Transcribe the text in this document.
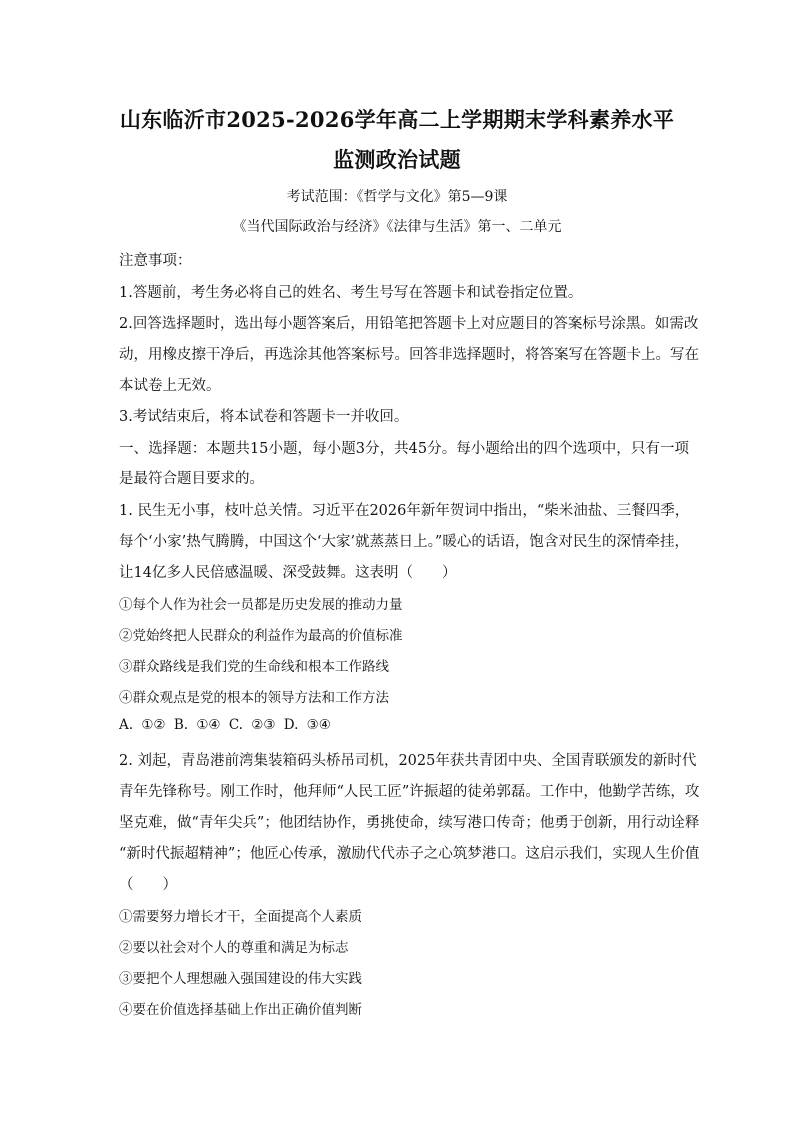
山东临沂市2025-2026学年高二上学期期末学科素养水平
监测政治试题
考试范围：《哲学与文化》第5—9课
《当代国际政治与经济》《法律与生活》第一、二单元
注意事项：
1.答题前，考生务必将自己的姓名、考生号写在答题卡和试卷指定位置。
2.回答选择题时，选出每小题答案后，用铅笔把答题卡上对应题目的答案标号涂黑。如需改
动，用橡皮擦干净后，再选涂其他答案标号。回答非选择题时，将答案写在答题卡上。写在
本试卷上无效。
3.考试结束后，将本试卷和答题卡一并收回。
一、选择题：本题共15小题，每小题3分，共45分。每小题给出的四个选项中，只有一项
是最符合题目要求的。
1. 民生无小事，枝叶总关情。习近平在2026年新年贺词中指出，“柴米油盐、三餐四季，
每个‘小家’热气腾腾，中国这个‘大家’就蒸蒸日上。”暖心的话语，饱含对民生的深情牵挂，
让14亿多人民倍感温暖、深受鼓舞。这表明（　　）
①每个人作为社会一员都是历史发展的推动力量
②党始终把人民群众的利益作为最高的价值标准
③群众路线是我们党的生命线和根本工作路线
④群众观点是党的根本的领导方法和工作方法
A. ①② B. ①④ C. ②③ D. ③④
2. 刘起，青岛港前湾集装箱码头桥吊司机，2025年获共青团中央、全国青联颁发的新时代
青年先锋称号。刚工作时，他拜师“人民工匠”许振超的徒弟郭磊。工作中，他勤学苦练，攻
坚克难，做“青年尖兵”；他团结协作，勇挑使命，续写港口传奇；他勇于创新，用行动诠释
“新时代振超精神”；他匠心传承，激励代代赤子之心筑梦港口。这启示我们，实现人生价值
（　　）
①需要努力增长才干，全面提高个人素质
②要以社会对个人的尊重和满足为标志
③要把个人理想融入强国建设的伟大实践
④要在价值选择基础上作出正确价值判断
